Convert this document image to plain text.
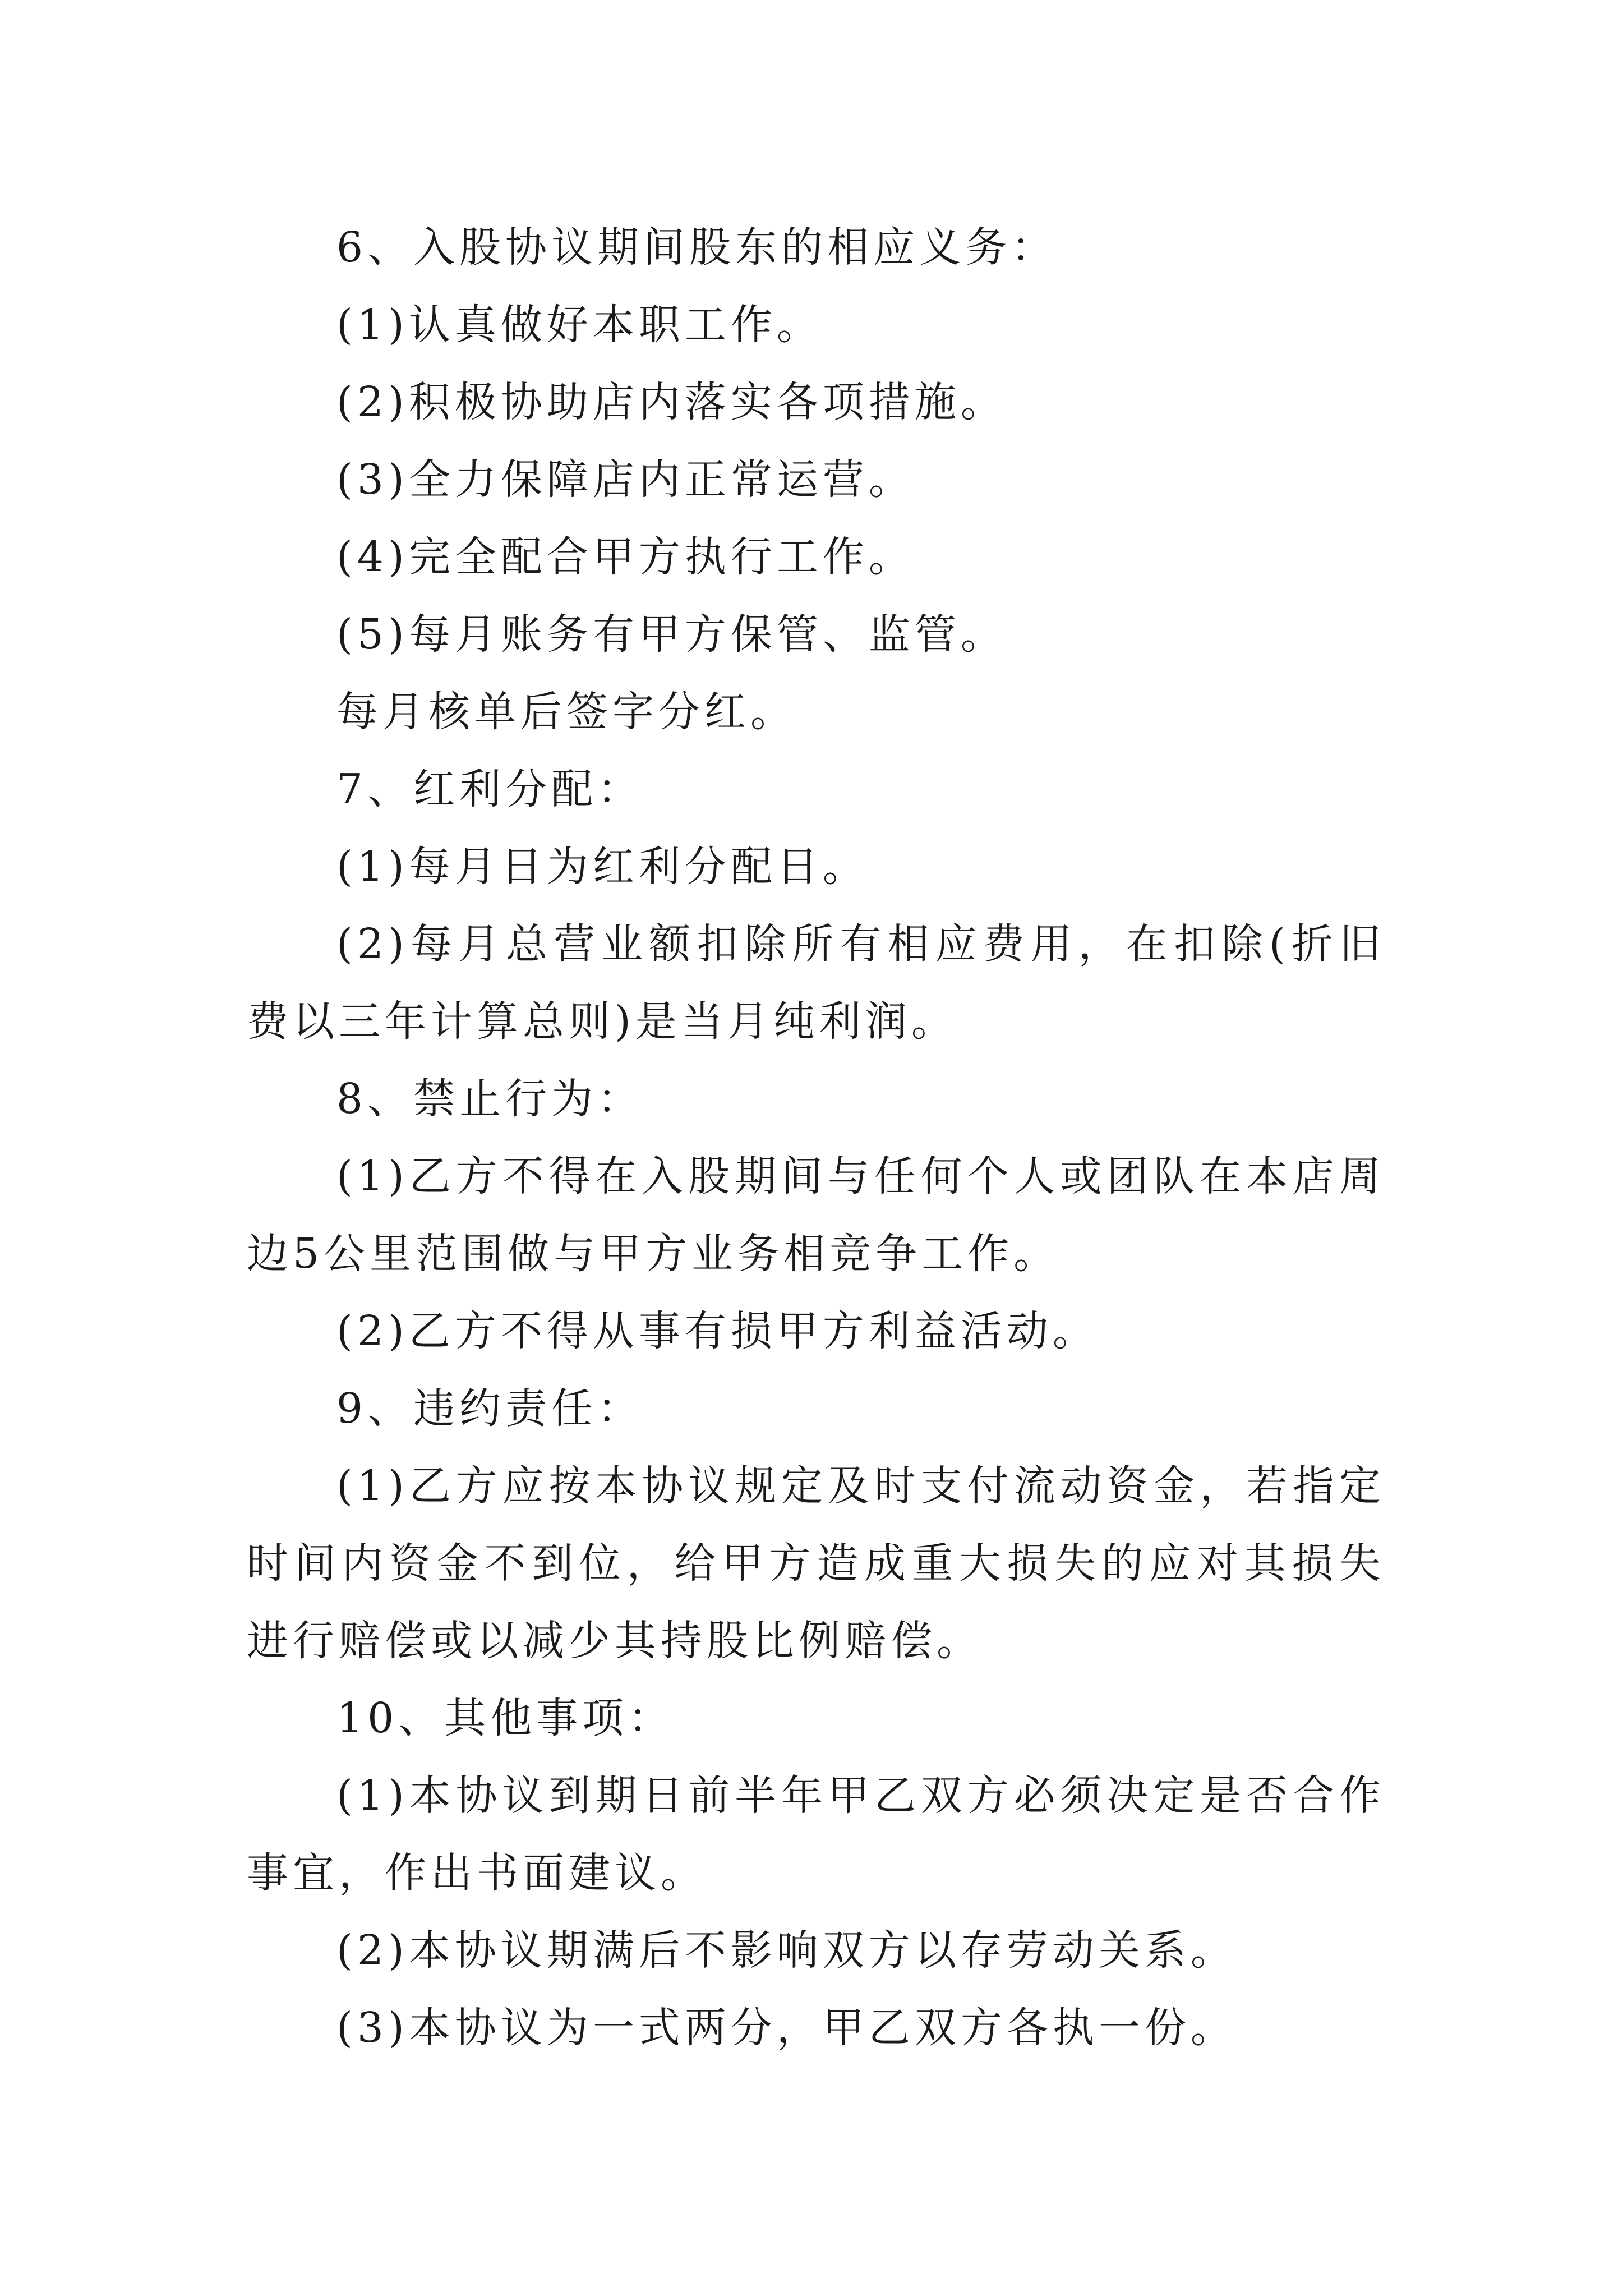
6、入股协议期间股东的相应义务：

(1)认真做好本职工作。

(2)积极协助店内落实各项措施。

(3)全力保障店内正常运营。

(4)完全配合甲方执行工作。

(5)每月账务有甲方保管、监管。

每月核单后签字分红。

7、红利分配：

(1)每月日为红利分配日。

(2)每月总营业额扣除所有相应费用，在扣除(折旧费以三年计算总则)是当月纯利润。

8、禁止行为：

(1)乙方不得在入股期间与任何个人或团队在本店周边5公里范围做与甲方业务相竞争工作。

(2)乙方不得从事有损甲方利益活动。

9、违约责任：

(1)乙方应按本协议规定及时支付流动资金，若指定时间内资金不到位，给甲方造成重大损失的应对其损失进行赔偿或以减少其持股比例赔偿。

10、其他事项：

(1)本协议到期日前半年甲乙双方必须决定是否合作事宜，作出书面建议。

(2)本协议期满后不影响双方以存劳动关系。

(3)本协议为一式两分，甲乙双方各执一份。
